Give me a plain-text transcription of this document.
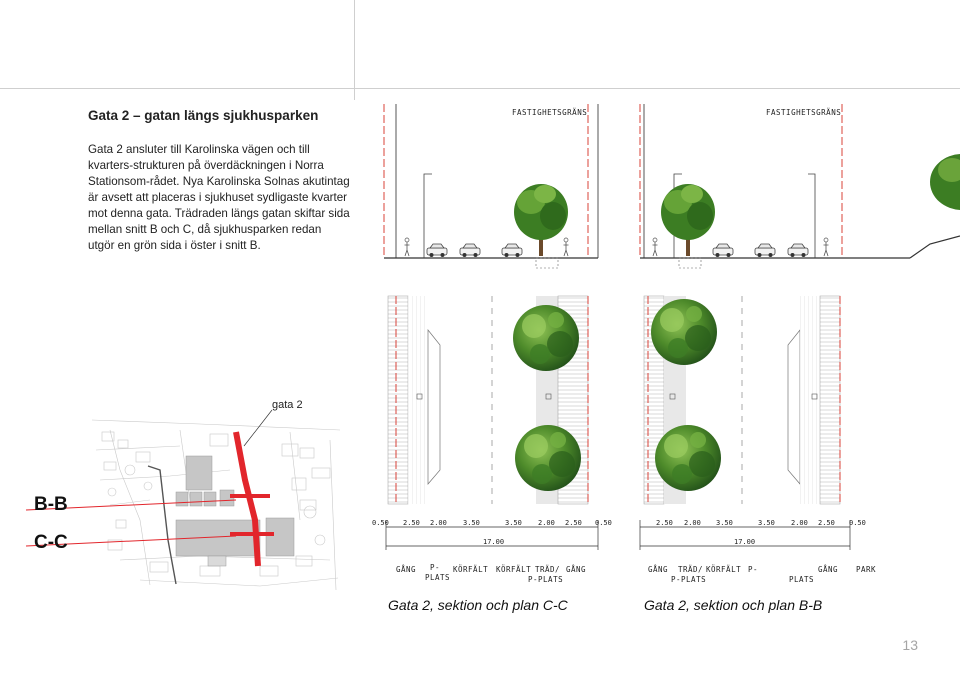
Gata 2 – gatan längs sjukhusparken

Gata 2 ansluter till Karolinska vägen och till kvarters-strukturen på överdäckningen i Norra Stationsom-rådet. Nya Karolinska Solnas akutintag är avsett att placeras i sjukhuset sydligaste kvarter mot denna gata. Trädraden längs gatan skiftar sida mellan snitt B och C, då sjukhusparken redan utgör en grön sida i öster i snitt B.

FASTIGHETSGRÄNS
0.50 2.50 2.00 3.50	3.50 2.00 2.50 0.50
17.00
GÅNG P-
PLATS
KÖRFÄLT KÖRFÄLT TRÄD/
P-PLATS
GÅNG
Gata 2, sektion och plan C-C
FASTIGHETSGRÄNS
2.50 2.00 3.50	3.50 2.00 2.50 0.50
17.00
GÅNG TRÄD/
P-PLATS
KÖRFÄLT P-
PLATS
GÅNG PARK
Gata 2, sektion och plan B-B
gata 2
B-B
C-C
13
